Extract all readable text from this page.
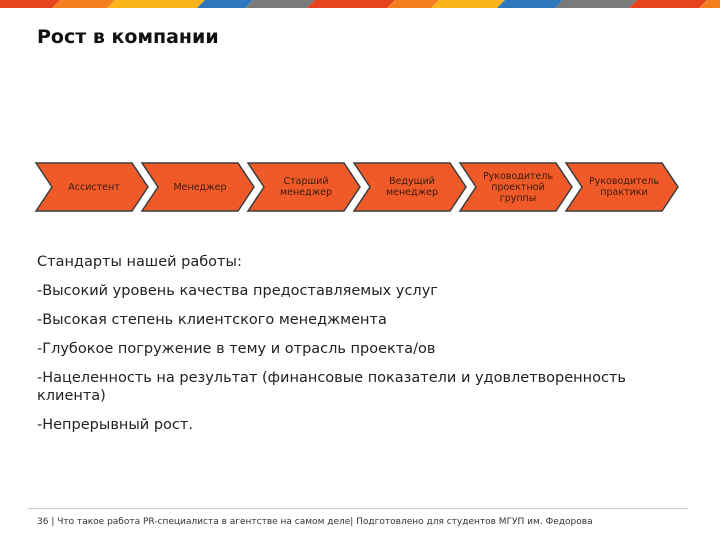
Рост в компании
Ассистент	Менеджер	Старший
менеджер
Ведущий
менеджер
Руководитель
проектной
группы
Руководитель
практики

Стандарты нашей работы:

-Высокий уровень качества предоставляемых услуг

-Высокая степень клиентского менеджмента

-Глубокое погружение в тему и отрасль проекта/ов

-Нацеленность на результат (финансовые показатели и удовлетворенность клиента)

-Непрерывный рост.

36 | Что такое работа PR-специалиста в агентстве на самом деле| Подготовлено для студентов МГУП им. Федорова
